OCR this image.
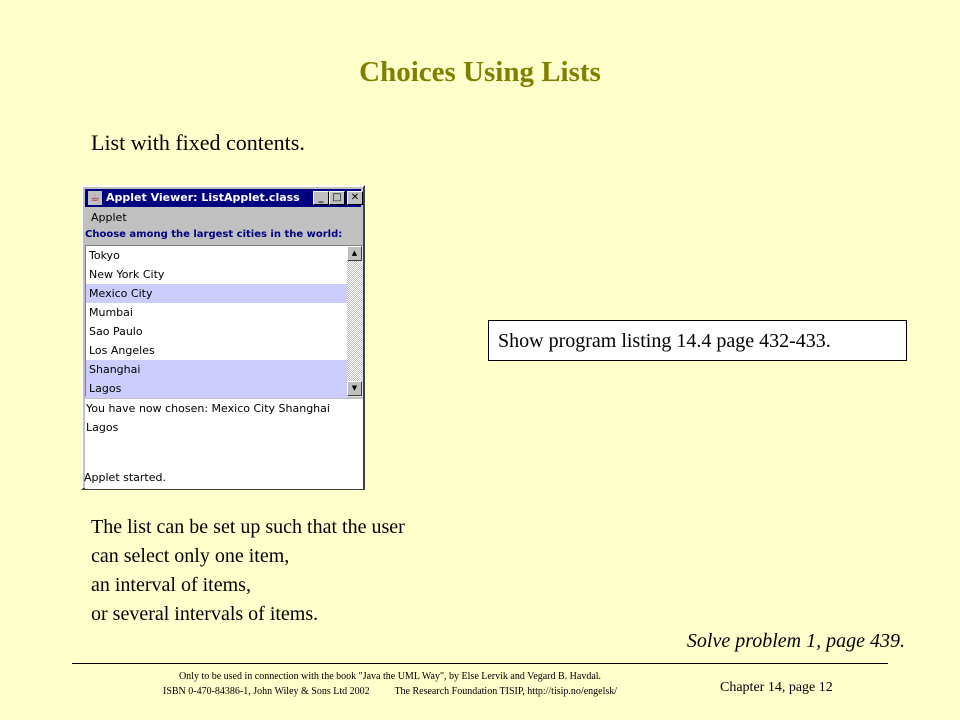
Choices Using Lists
List with fixed contents.
☕ Applet Viewer: ListApplet.class	_ □ ✕
Applet
Choose among the largest cities in the world:
Tokyo
New York City
Mexico City
Mumbai
Sao Paulo
Los Angeles
Shanghai
Lagos
▲
▼
You have now chosen: Mexico City Shanghai
Lagos
Applet started.
Show program listing 14.4 page 432-433.
The list can be set up such that the user
can select only one item,
an interval of items,
or several intervals of items.
Solve problem 1, page 439.
Only to be used in connection with the book "Java the UML Way", by Else Lervik and Vegard B. Havdal.
ISBN 0-470-84386-1, John Wiley & Sons Ltd 2002          The Research Foundation TISIP, http://tisip.no/engelsk/	Chapter 14, page 12
